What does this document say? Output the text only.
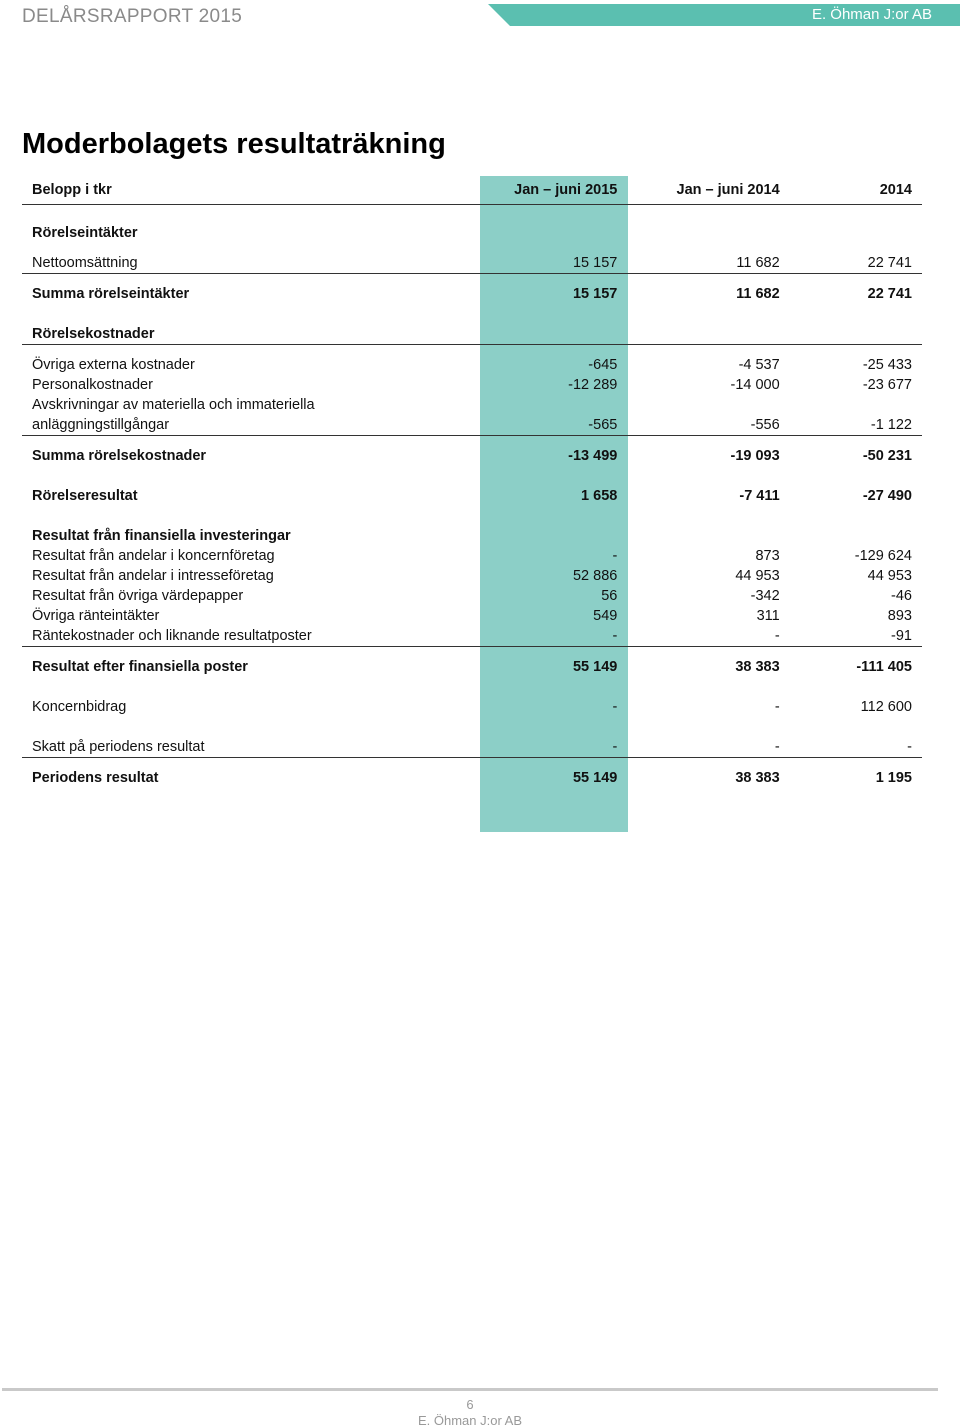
DELÅRSRAPPORT 2015	E. Öhman J:or AB
Moderbolagets resultaträkning
Belopp i tkr	Jan – juni 2015	Jan – juni 2014	2014

Rörelseintäkter			

Nettoomsättning	15 157	11 682	22 741

Summa rörelseintäkter	15 157	11 682	22 741

Rörelsekostnader			

Övriga externa kostnader	-645	-4 537	-25 433
Personalkostnader	-12 289	-14 000	-23 677
Avskrivningar av materiella och immateriella			
anläggningstillgångar	-565	-556	-1 122

Summa rörelsekostnader	-13 499	-19 093	-50 231

Rörelseresultat	1 658	-7 411	-27 490

Resultat från finansiella investeringar			
Resultat från andelar i koncernföretag	-	873	-129 624
Resultat från andelar i intresseföretag	52 886	44 953	44 953
Resultat från övriga värdepapper	56	-342	-46
Övriga ränteintäkter	549	311	893
Räntekostnader och liknande resultatposter	-	-	-91

Resultat efter finansiella poster	55 149	38 383	-111 405

Koncernbidrag	-	-	112 600

Skatt på periodens resultat	-	-	-

Periodens resultat	55 149	38 383	1 195
6
E. Öhman J:or AB
